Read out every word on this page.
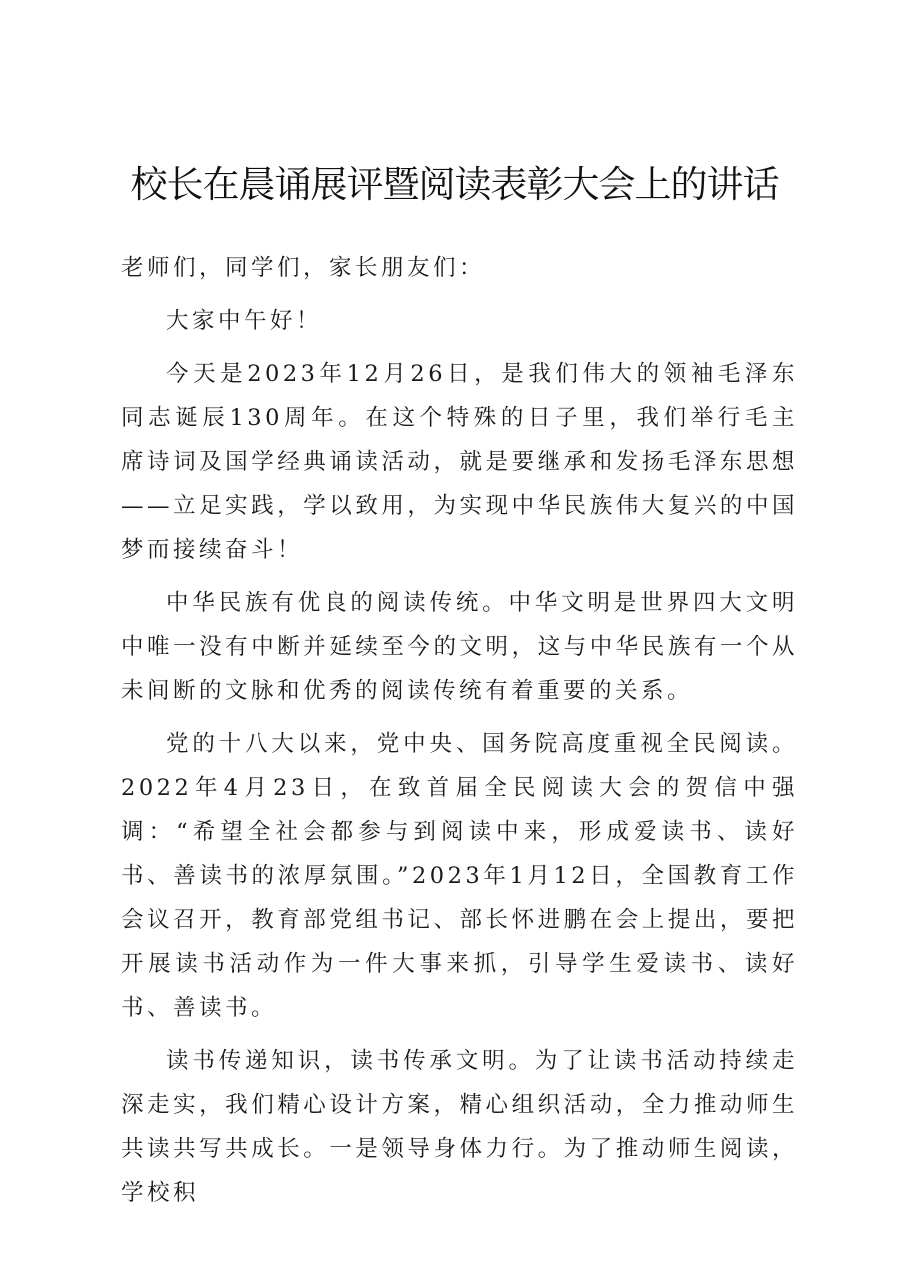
校长在晨诵展评暨阅读表彰大会上的讲话

老师们，同学们，家长朋友们：

大家中午好！

今天是2023年12月26日，是我们伟大的领袖毛泽东同志诞辰130周年。在这个特殊的日子里，我们举行毛主席诗词及国学经典诵读活动，就是要继承和发扬毛泽东思想——立足实践，学以致用，为实现中华民族伟大复兴的中国梦而接续奋斗！

中华民族有优良的阅读传统。中华文明是世界四大文明中唯一没有中断并延续至今的文明，这与中华民族有一个从未间断的文脉和优秀的阅读传统有着重要的关系。

党的十八大以来，党中央、国务院高度重视全民阅读。2022年4月23日，在致首届全民阅读大会的贺信中强调：“希望全社会都参与到阅读中来，形成爱读书、读好书、善读书的浓厚氛围。”2023年1月12日，全国教育工作会议召开，教育部党组书记、部长怀进鹏在会上提出，要把开展读书活动作为一件大事来抓，引导学生爱读书、读好书、善读书。

读书传递知识，读书传承文明。为了让读书活动持续走深走实，我们精心设计方案，精心组织活动，全力推动师生共读共写共成长。一是领导身体力行。为了推动师生阅读，学校积
